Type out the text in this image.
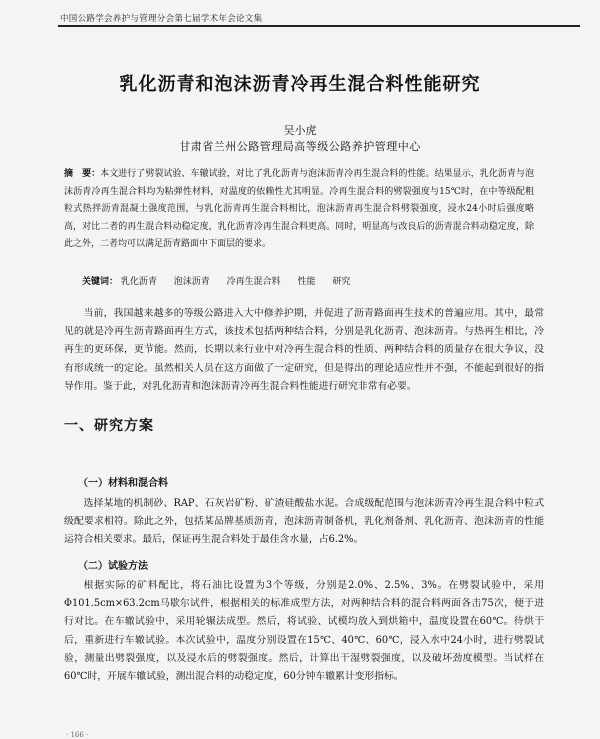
中国公路学会养护与管理分会第七届学术年会论文集
乳化沥青和泡沫沥青冷再生混合料性能研究
吴小虎
甘肃省兰州公路管理局高等级公路养护管理中心
摘　要：本文进行了劈裂试验、车辙试验，对比了乳化沥青与泡沫沥青冷再生混合料的性能。结果显示，乳化沥青与泡沫沥青冷再生混合料均为粘弹性材料，对温度的依赖性尤其明显。冷再生混合料的劈裂强度与15℃时，在中等级配粗粒式热拌沥青混凝土强度范围，与乳化沥青再生混合料相比，泡沫沥青再生混合料劈裂强度，浸水24小时后强度略高，对比二者的再生混合料动稳定度，乳化沥青冷再生混合料更高。同时，明显高与改良后的沥青混合料动稳定度，除此之外，二者均可以满足沥青路面中下面层的要求。
关键词： 乳化沥青 泡沫沥青 冷再生混合料 性能 研究
当前，我国越来越多的等级公路进入大中修养护期，并促进了沥青路面再生技术的普遍应用。其中，最常见的就是冷再生沥青路面再生方式，该技术包括两种结合料，分别是乳化沥青、泡沫沥青。与热再生相比，冷再生的更环保，更节能。然而，长期以来行业中对冷再生混合料的性质、两种结合料的质量存在很大争议，没有形成统一的定论。虽然相关人员在这方面做了一定研究，但是得出的理论适应性并不强，不能起到很好的指导作用。鉴于此，对乳化沥青和泡沫沥青冷再生混合料性能进行研究非常有必要。
一、研究方案
（一）材料和混合料
选择某地的机制砂、RAP、石灰岩矿粉、矿渣硅酸盐水泥。合成级配范围与泡沫沥青冷再生混合料中粒式级配要求相符。除此之外，包括某品牌基质沥青，泡沫沥青制备机，乳化剂备剂、乳化沥青、泡沫沥青的性能运符合相关要求。最后，保证再生混合料处于最佳含水量，占6.2%。
（二）试验方法
根据实际的矿料配比，将石油比设置为3个等级，分别是2.0%、2.5%、3%。在劈裂试验中，采用Φ101.5cm×63.2cm马歇尔试件，根据相关的标准成型方法，对两种结合料的混合料两面各击75次，便于进行对比。在车辙试验中，采用轮辗法成型。然后，将试验、试模均放入到烘箱中，温度设置在60℃。待烘干后，重新进行车辙试验。本次试验中，温度分别设置在15℃、40℃、60℃，浸入水中24小时，进行劈裂试验，测量出劈裂强度，以及浸水后的劈裂强度。然后，计算出干湿劈裂强度，以及破坏劲度模型。当试样在60℃时，开展车辙试验，测出混合料的动稳定度，60分钟车辙累计变形指标。
· 166 ·
